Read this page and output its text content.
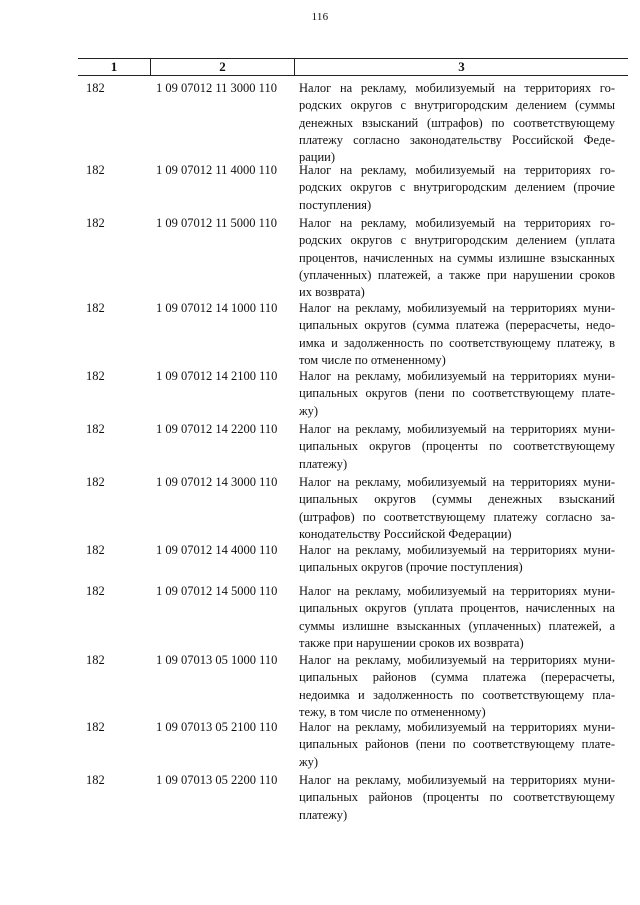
116
1	2	3
182	1 09 07012 11 3000 110 Налог на рекламу, мобилизуемый на территориях го-
родских округов с внутригородским делением (суммы
денежных взысканий (штрафов) по соответствующему
платежу согласно законодательству Российской Феде-
рации)
182	1 09 07012 11 4000 110 Налог на рекламу, мобилизуемый на территориях го-
родских округов с внутригородским делением (прочие
поступления)
182	1 09 07012 11 5000 110 Налог на рекламу, мобилизуемый на территориях го-
родских округов с внутригородским делением (уплата
процентов, начисленных на суммы излишне взысканных
(уплаченных) платежей, а также при нарушении сроков
их возврата)
182	1 09 07012 14 1000 110 Налог на рекламу, мобилизуемый на территориях муни-
ципальных округов (сумма платежа (перерасчеты, недо-
имка и задолженность по соответствующему платежу, в
том числе по отмененному)
182	1 09 07012 14 2100 110 Налог на рекламу, мобилизуемый на территориях муни-
ципальных округов (пени по соответствующему плате-
жу)
182	1 09 07012 14 2200 110 Налог на рекламу, мобилизуемый на территориях муни-
ципальных округов (проценты по соответствующему
платежу)
182	1 09 07012 14 3000 110 Налог на рекламу, мобилизуемый на территориях муни-
ципальных округов (суммы денежных взысканий
(штрафов) по соответствующему платежу согласно за-
конодательству Российской Федерации)
182	1 09 07012 14 4000 110 Налог на рекламу, мобилизуемый на территориях муни-
ципальных округов (прочие поступления)
182	1 09 07012 14 5000 110 Налог на рекламу, мобилизуемый на территориях муни-
ципальных округов (уплата процентов, начисленных на
суммы излишне взысканных (уплаченных) платежей, а
также при нарушении сроков их возврата)
182	1 09 07013 05 1000 110 Налог на рекламу, мобилизуемый на территориях муни-
ципальных районов (сумма платежа (перерасчеты,
недоимка и задолженность по соответствующему пла-
тежу, в том числе по отмененному)
182	1 09 07013 05 2100 110 Налог на рекламу, мобилизуемый на территориях муни-
ципальных районов (пени по соответствующему плате-
жу)
182	1 09 07013 05 2200 110 Налог на рекламу, мобилизуемый на территориях муни-
ципальных районов (проценты по соответствующему
платежу)
